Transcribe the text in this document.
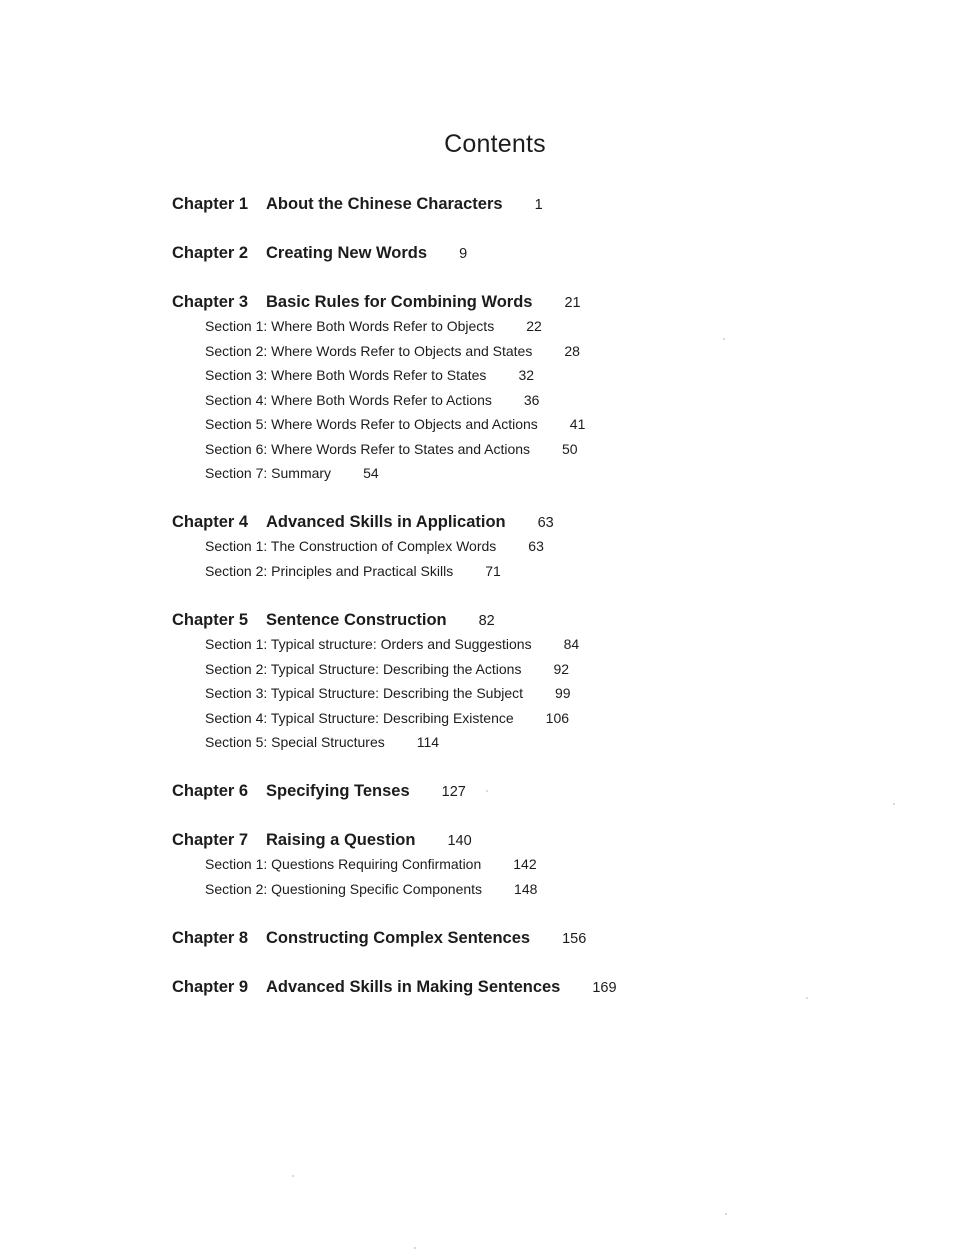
Contents
Chapter 1	About the Chinese Characters 1
Chapter 2	Creating New Words 9
Chapter 3	Basic Rules for Combining Words 21
Section 1: Where Both Words Refer to Objects 22
Section 2: Where Words Refer to Objects and States 28
Section 3: Where Both Words Refer to States 32
Section 4: Where Both Words Refer to Actions 36
Section 5: Where Words Refer to Objects and Actions 41
Section 6: Where Words Refer to States and Actions 50
Section 7: Summary 54
Chapter 4	Advanced Skills in Application 63
Section 1: The Construction of Complex Words 63
Section 2: Principles and Practical Skills 71
Chapter 5	Sentence Construction 82
Section 1: Typical structure: Orders and Suggestions 84
Section 2: Typical Structure: Describing the Actions 92
Section 3: Typical Structure: Describing the Subject 99
Section 4: Typical Structure: Describing Existence 106
Section 5: Special Structures 114
Chapter 6	Specifying Tenses 127
Chapter 7	Raising a Question 140
Section 1: Questions Requiring Confirmation 142
Section 2: Questioning Specific Components 148
Chapter 8	Constructing Complex Sentences 156
Chapter 9	Advanced Skills in Making Sentences 169
